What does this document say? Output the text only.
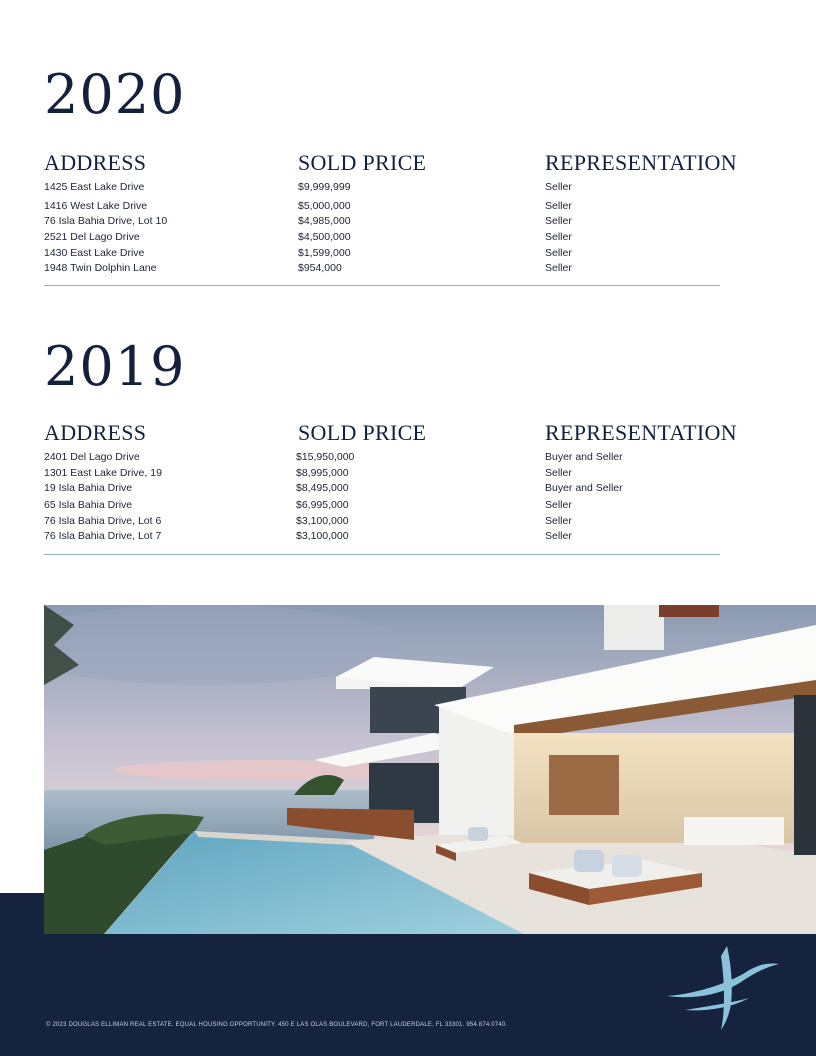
2020
ADDRESS	SOLD PRICE	REPRESENTATION
1425 East Lake Drive	$9,999,999	Seller
1416 West Lake Drive	$5,000,000	Seller
76 Isla Bahia Drive, Lot 10	$4,985,000	Seller
2521 Del Lago Drive	$4,500,000	Seller
1430 East Lake Drive	$1,599,000	Seller
1948 Twin Dolphin Lane	$954,000	Seller
2019
ADDRESS	SOLD PRICE	REPRESENTATION
2401 Del Lago Drive	$15,950,000	Buyer and Seller
1301 East Lake Drive, 19	$8,995,000	Seller
19 Isla Bahia Drive	$8,495,000	Buyer and Seller
65 Isla Bahia Drive	$6,995,000	Seller
76 Isla Bahia Drive, Lot 6	$3,100,000	Seller
76 Isla Bahia Drive, Lot 7	$3,100,000	Seller
© 2023 DOUGLAS ELLIMAN REAL ESTATE. EQUAL HOUSING OPPORTUNITY. 450 E LAS OLAS BOULEVARD, FORT LAUDERDALE, FL 33301. 954.874.0740.
